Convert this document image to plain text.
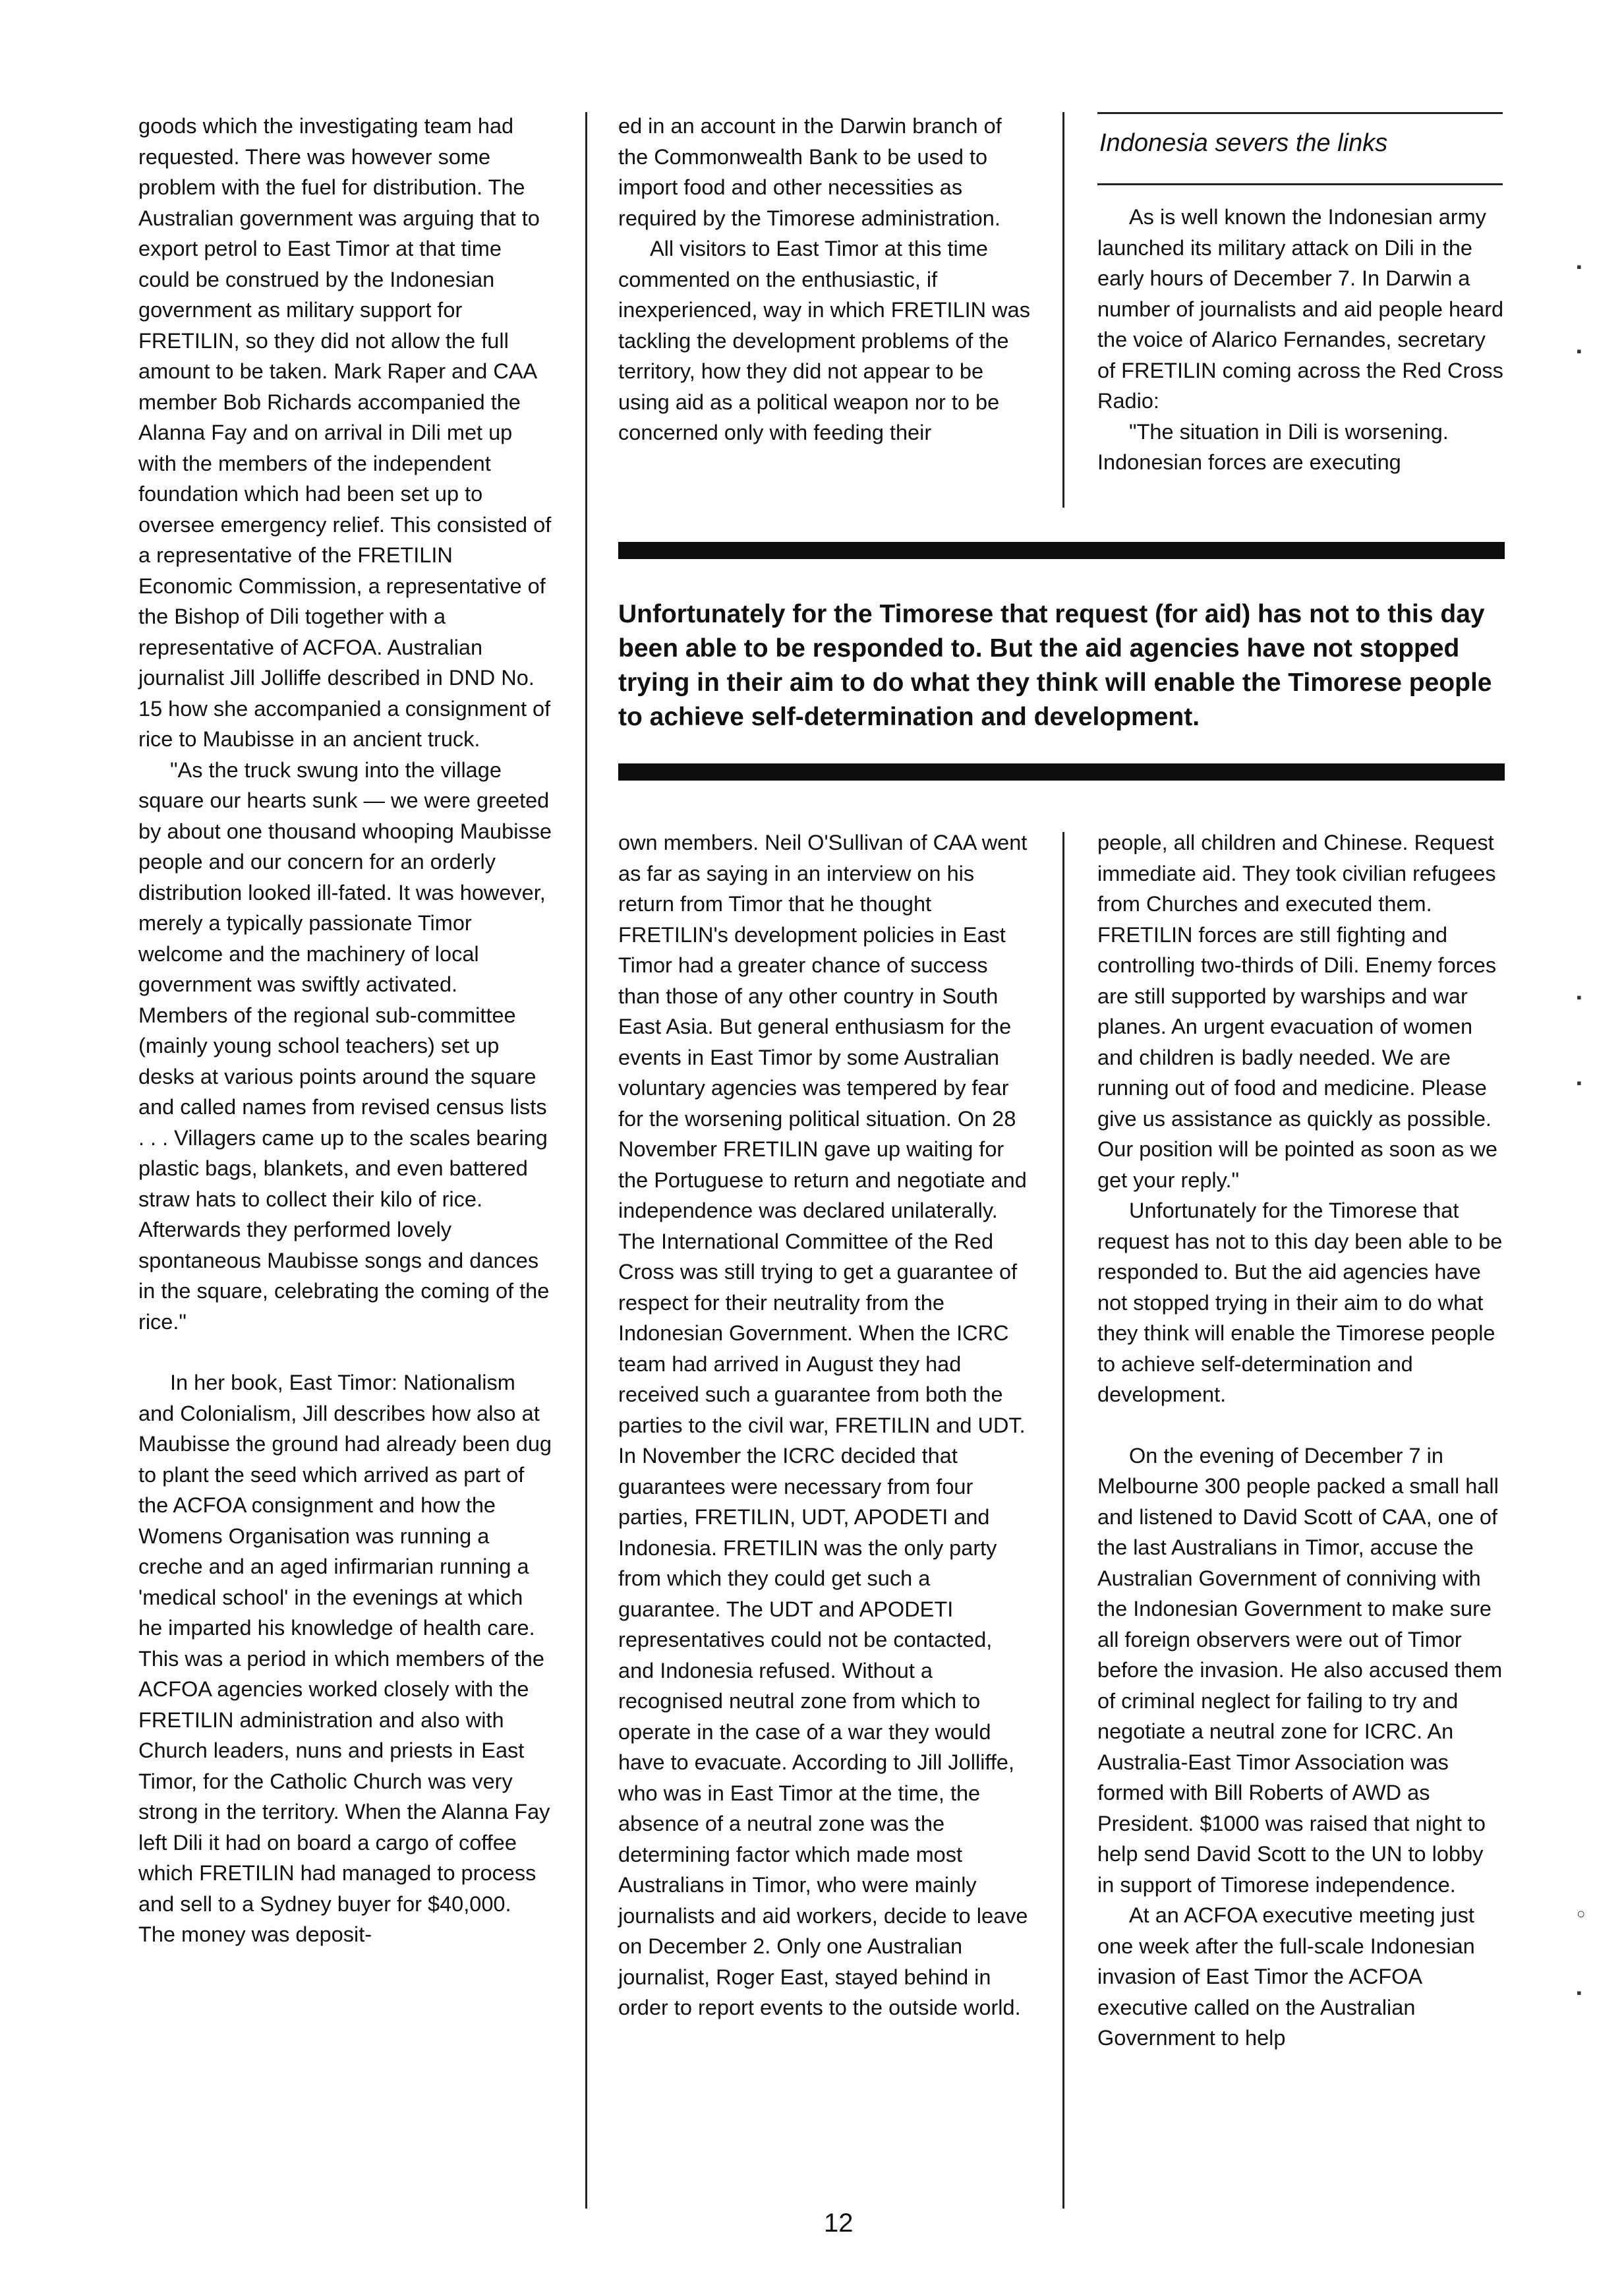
goods which the investigating team had requested. There was however some problem with the fuel for distribution. The Australian government was arguing that to export petrol to East Timor at that time could be construed by the Indonesian government as military support for FRETILIN, so they did not allow the full amount to be taken. Mark Raper and CAA member Bob Richards accompanied the Alanna Fay and on arrival in Dili met up with the members of the independent foundation which had been set up to oversee emergency relief. This consisted of a representative of the FRETILIN Economic Commission, a representative of the Bishop of Dili together with a representative of ACFOA. Australian journalist Jill Jolliffe described in DND No. 15 how she accompanied a consignment of rice to Maubisse in an ancient truck.

"As the truck swung into the village square our hearts sunk — we were greeted by about one thousand whooping Maubisse people and our concern for an orderly distribution looked ill-fated. It was however, merely a typically passionate Timor welcome and the machinery of local government was swiftly activated. Members of the regional sub-committee (mainly young school teachers) set up desks at various points around the square and called names from revised census lists . . . Villagers came up to the scales bearing plastic bags, blankets, and even battered straw hats to collect their kilo of rice. Afterwards they performed lovely spontaneous Maubisse songs and dances in the square, celebrating the coming of the rice."

In her book, East Timor: Nationalism and Colonialism, Jill describes how also at Maubisse the ground had already been dug to plant the seed which arrived as part of the ACFOA consignment and how the Womens Organisation was running a creche and an aged infirmarian running a 'medical school' in the evenings at which he imparted his knowledge of health care. This was a period in which members of the ACFOA agencies worked closely with the FRETILIN administration and also with Church leaders, nuns and priests in East Timor, for the Catholic Church was very strong in the territory. When the Alanna Fay left Dili it had on board a cargo of coffee which FRETILIN had managed to process and sell to a Sydney buyer for $40,000. The money was deposit-

ed in an account in the Darwin branch of the Commonwealth Bank to be used to import food and other necessities as required by the Timorese administration.

All visitors to East Timor at this time commented on the enthusiastic, if inexperienced, way in which FRETILIN was tackling the development problems of the territory, how they did not appear to be using aid as a political weapon nor to be concerned only with feeding their

Indonesia severs the links

As is well known the Indonesian army launched its military attack on Dili in the early hours of December 7. In Darwin a number of journalists and aid people heard the voice of Alarico Fernandes, secretary of FRETILIN coming across the Red Cross Radio:

"The situation in Dili is worsening. Indonesian forces are executing

Unfortunately for the Timorese that request (for aid) has not to this day been able to be responded to. But the aid agencies have not stopped trying in their aim to do what they think will enable the Timorese people to achieve self-determination and development.

own members. Neil O'Sullivan of CAA went as far as saying in an interview on his return from Timor that he thought FRETILIN's development policies in East Timor had a greater chance of success than those of any other country in South East Asia. But general enthusiasm for the events in East Timor by some Australian voluntary agencies was tempered by fear for the worsening political situation. On 28 November FRETILIN gave up waiting for the Portuguese to return and negotiate and independence was declared unilaterally. The International Committee of the Red Cross was still trying to get a guarantee of respect for their neutrality from the Indonesian Government. When the ICRC team had arrived in August they had received such a guarantee from both the parties to the civil war, FRETILIN and UDT. In November the ICRC decided that guarantees were necessary from four parties, FRETILIN, UDT, APODETI and Indonesia. FRETILIN was the only party from which they could get such a guarantee. The UDT and APODETI representatives could not be contacted, and Indonesia refused. Without a recognised neutral zone from which to operate in the case of a war they would have to evacuate. According to Jill Jolliffe, who was in East Timor at the time, the absence of a neutral zone was the determining factor which made most Australians in Timor, who were mainly journalists and aid workers, decide to leave on December 2. Only one Australian journalist, Roger East, stayed behind in order to report events to the outside world.

people, all children and Chinese. Request immediate aid. They took civilian refugees from Churches and executed them. FRETILIN forces are still fighting and controlling two-thirds of Dili. Enemy forces are still supported by warships and war planes. An urgent evacuation of women and children is badly needed. We are running out of food and medicine. Please give us assistance as quickly as possible. Our position will be pointed as soon as we get your reply."

Unfortunately for the Timorese that request has not to this day been able to be responded to. But the aid agencies have not stopped trying in their aim to do what they think will enable the Timorese people to achieve self-determination and development.

On the evening of December 7 in Melbourne 300 people packed a small hall and listened to David Scott of CAA, one of the last Australians in Timor, accuse the Australian Government of conniving with the Indonesian Government to make sure all foreign observers were out of Timor before the invasion. He also accused them of criminal neglect for failing to try and negotiate a neutral zone for ICRC. An Australia-East Timor Association was formed with Bill Roberts of AWD as President. $1000 was raised that night to help send David Scott to the UN to lobby in support of Timorese independence.

At an ACFOA executive meeting just one week after the full-scale Indonesian invasion of East Timor the ACFOA executive called on the Australian Government to help

12
▪
▪
▪
▪
○
▪
